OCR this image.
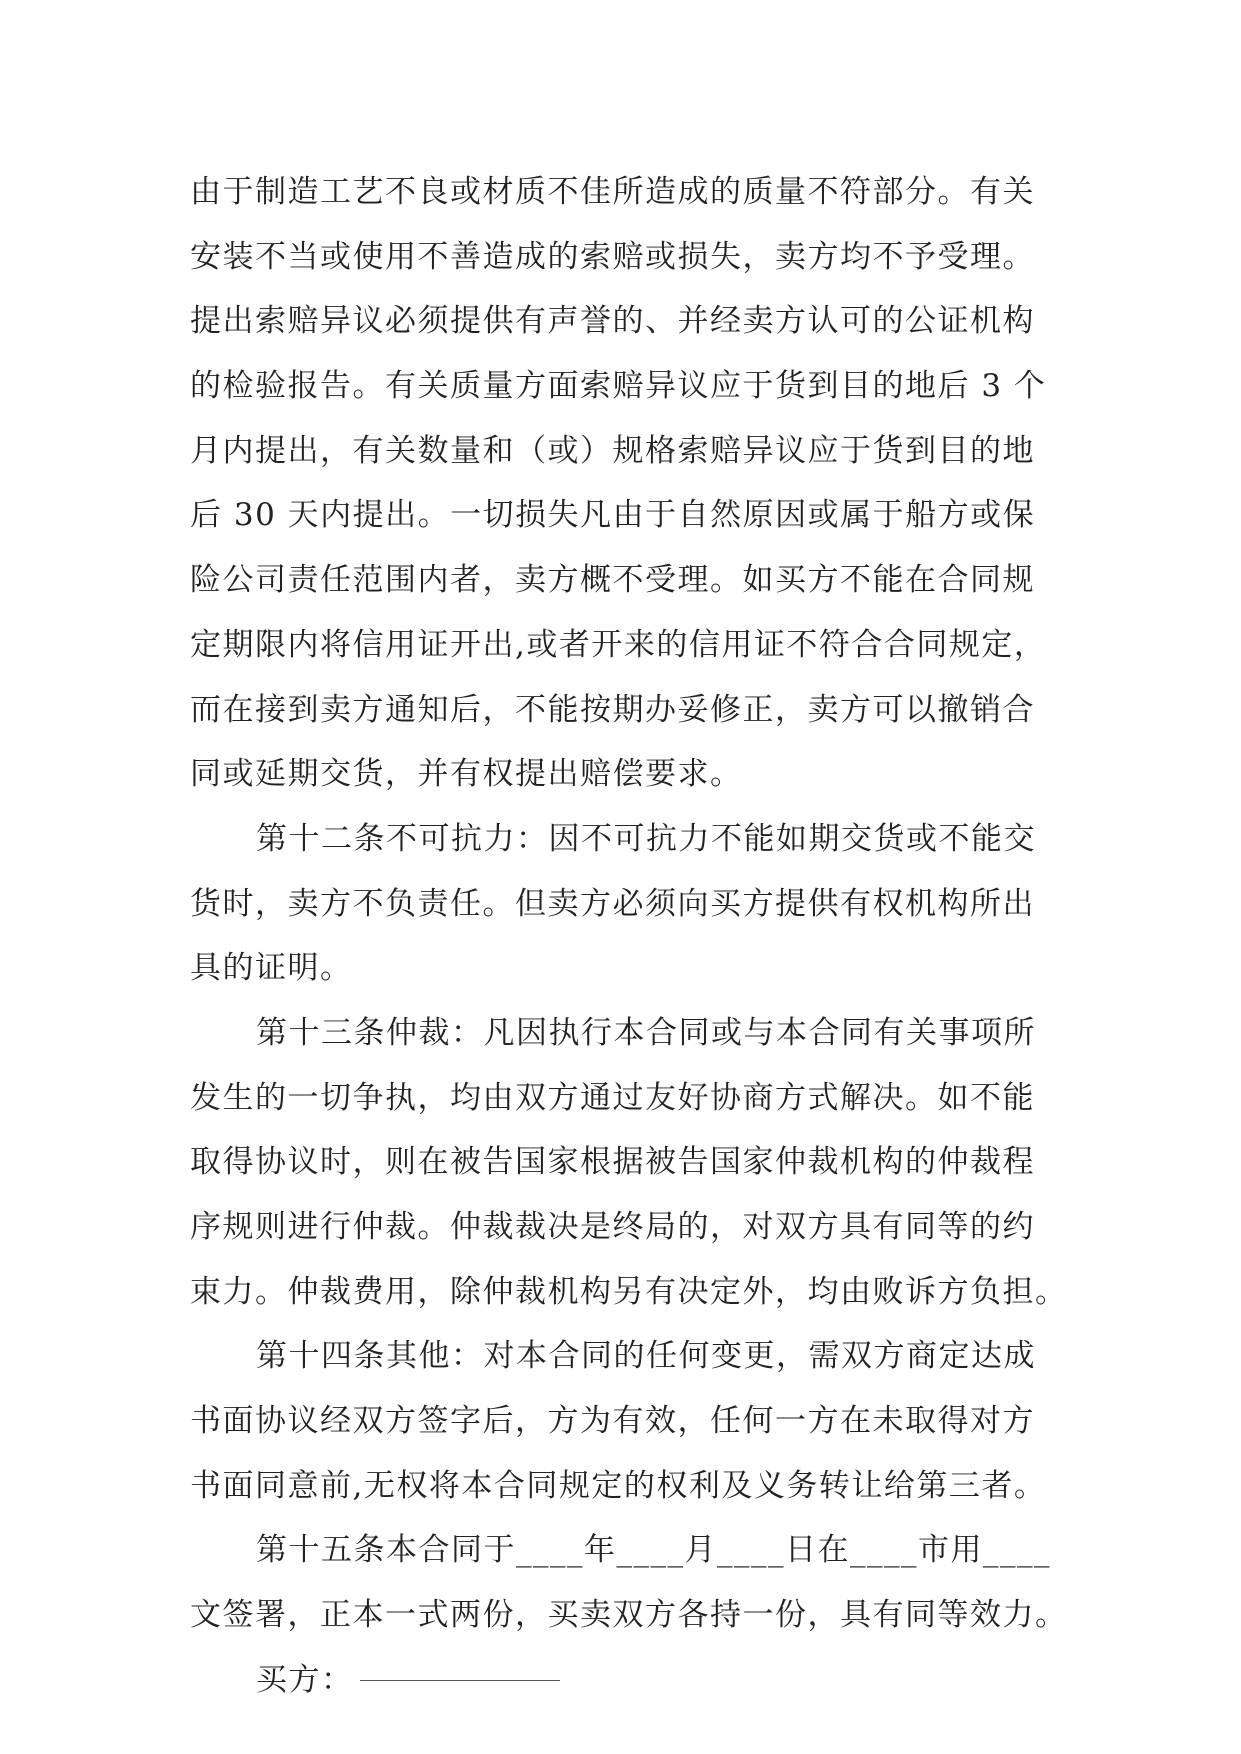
由于制造工艺不良或材质不佳所造成的质量不符部分。有关
安装不当或使用不善造成的索赔或损失，卖方均不予受理。
提出索赔异议必须提供有声誉的、并经卖方认可的公证机构
的检验报告。有关质量方面索赔异议应于货到目的地后 3 个
月内提出，有关数量和（或）规格索赔异议应于货到目的地
后 30 天内提出。一切损失凡由于自然原因或属于船方或保
险公司责任范围内者，卖方概不受理。如买方不能在合同规
定期限内将信用证开出,或者开来的信用证不符合合同规定，
而在接到卖方通知后，不能按期办妥修正，卖方可以撤销合
同或延期交货，并有权提出赔偿要求。
第十二条不可抗力：因不可抗力不能如期交货或不能交
货时，卖方不负责任。但卖方必须向买方提供有权机构所出
具的证明。
第十三条仲裁：凡因执行本合同或与本合同有关事项所
发生的一切争执，均由双方通过友好协商方式解决。如不能
取得协议时，则在被告国家根据被告国家仲裁机构的仲裁程
序规则进行仲裁。仲裁裁决是终局的，对双方具有同等的约
束力。仲裁费用，除仲裁机构另有决定外，均由败诉方负担。
第十四条其他：对本合同的任何变更，需双方商定达成
书面协议经双方签字后，方为有效，任何一方在未取得对方
书面同意前,无权将本合同规定的权利及义务转让给第三者。
第十五条本合同于____年____月____日在____市用____
文签署，正本一式两份，买卖双方各持一份，具有同等效力。
买方：
